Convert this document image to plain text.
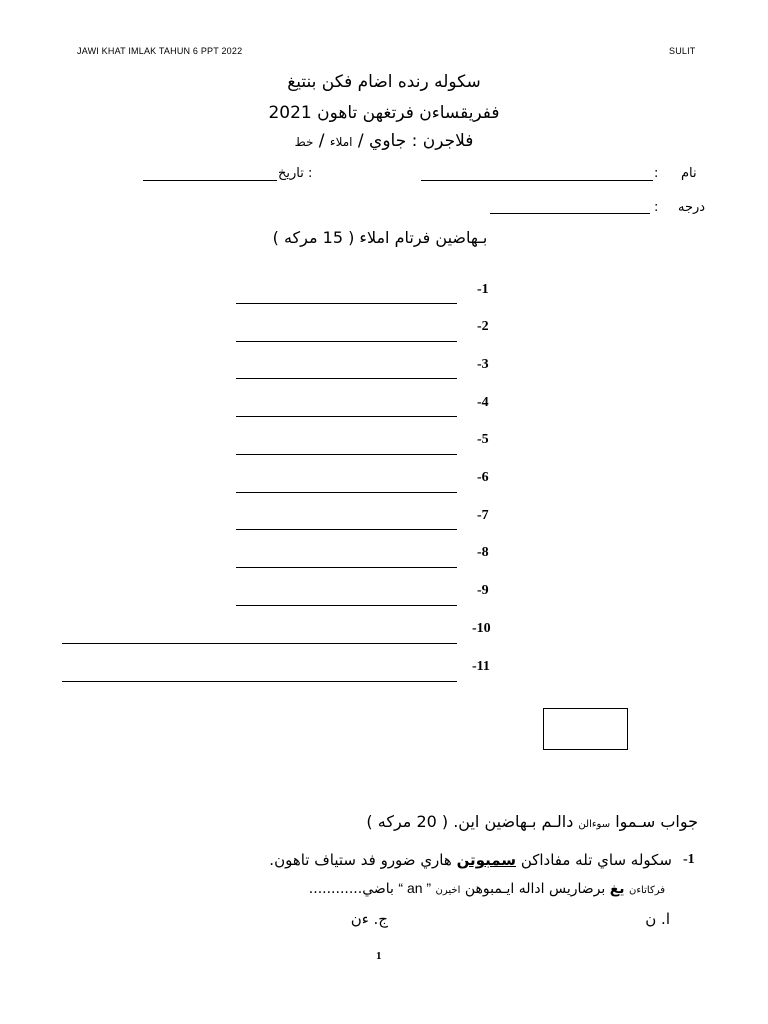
JAWI KHAT IMLAK TAHUN 6 PPT 2022	SULIT
سکوله رنده اضام فکن بنتيغ
ففريقساءن فرتغهن تاهون 2021
فلاجرن : جاوي / املاء / خط
نام
:
تاريخ :
درجه
:
بـهاضين فرتام املاء ( 15 مرکه )
-1
-2
-3
-4
-5
-6
-7
-8
-9
-10
-11
جواب سـموا سوءالن دالـم بـهاضين اين. ( 20 مرکه )
-1
سکوله ساي تله مفاداکن سمبوتن هاري ضورو فد ستياف تاهون.
فرکاتاءن يغ برضاريس اداله ايـمبوهن اخيرن ” an “ باضي............
ا. ن
ج. ءن
1
